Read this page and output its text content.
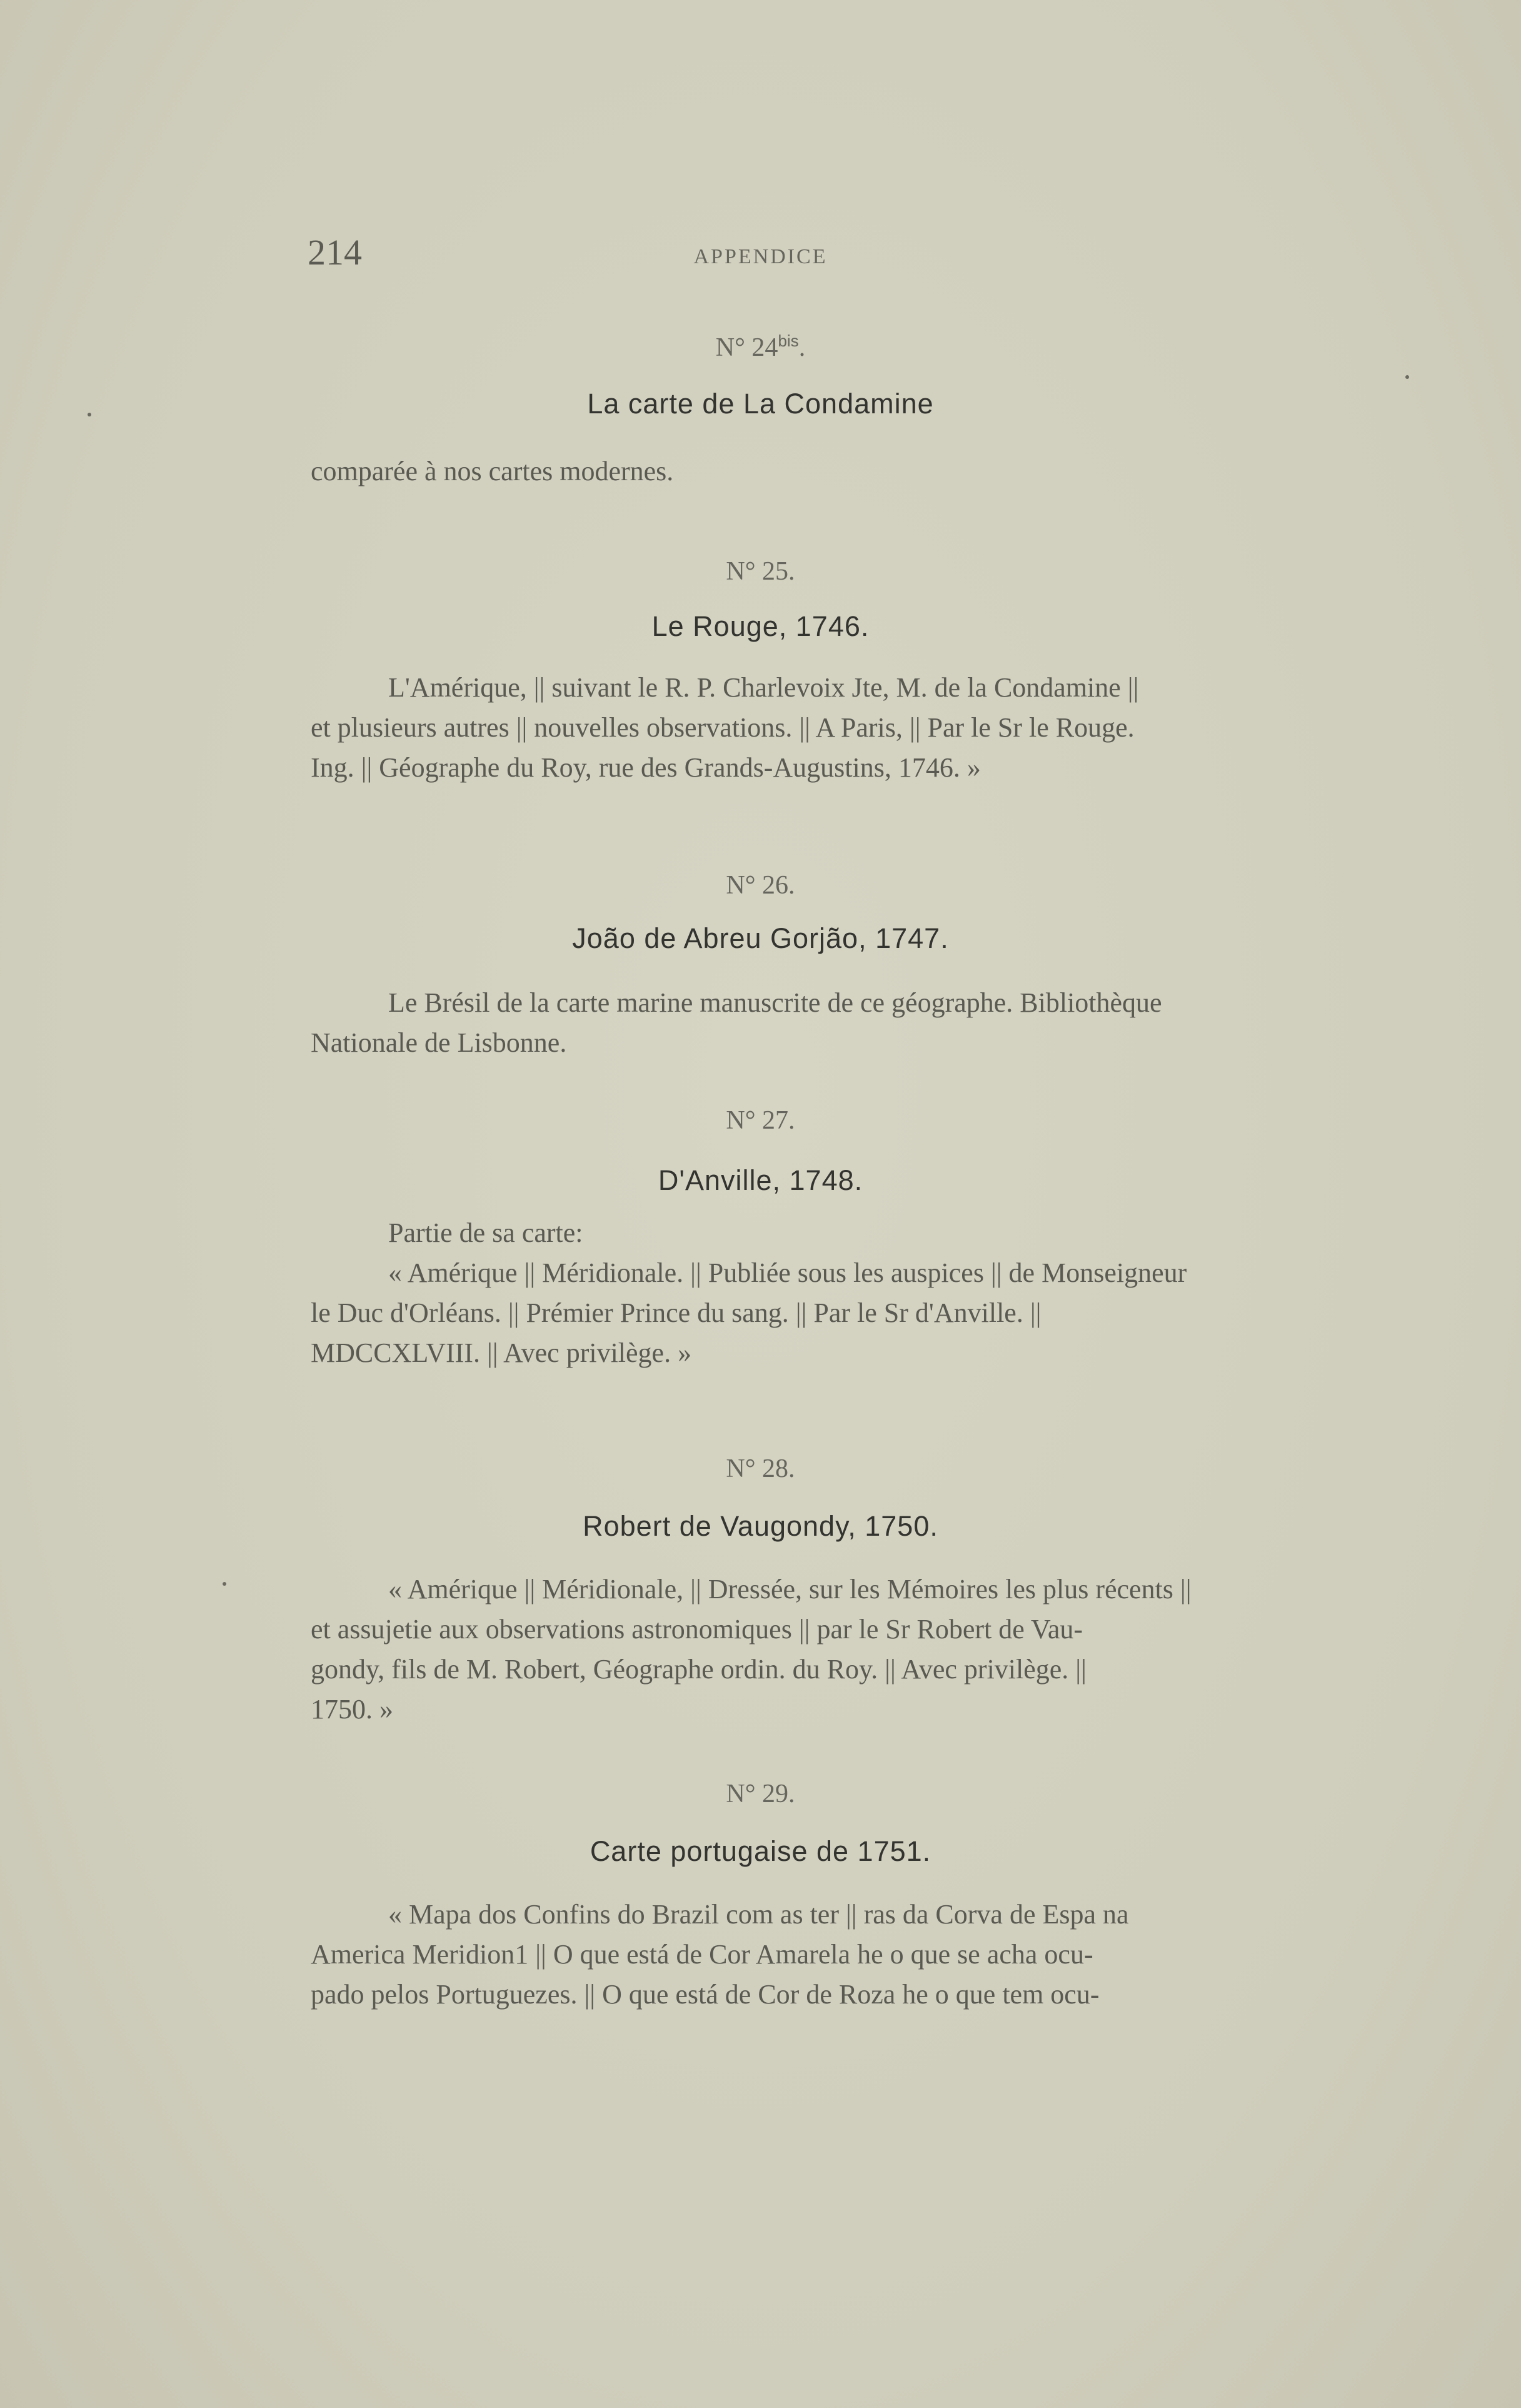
214	APPENDICE
N° $24^{bis}$.
La carte de La Condamine

comparée à nos cartes modernes.

N° 25.
Le Rouge, 1746.

L'Amérique, || suivant le R. P. Charlevoix Jte, M. de la Condamine ||

et plusieurs autres || nouvelles observations. || A Paris, || Par le Sr le Rouge.

Ing. || Géographe du Roy, rue des Grands-Augustins, 1746. »

N° 26.
João de Abreu Gorjão, 1747.

Le Brésil de la carte marine manuscrite de ce géographe. Bibliothèque

Nationale de Lisbonne.

N° 27.
D'Anville, 1748.

Partie de sa carte:

« Amérique || Méridionale. || Publiée sous les auspices || de Monseigneur

le Duc d'Orléans. || Prémier Prince du sang. || Par le Sr d'Anville. ||

MDCCXLVIII. || Avec privilège. »

N° 28.
Robert de Vaugondy, 1750.

« Amérique || Méridionale, || Dressée, sur les Mémoires les plus récents ||

et assujetie aux observations astronomiques || par le Sr Robert de Vau-

gondy, fils de M. Robert, Géographe ordin. du Roy. || Avec privilège. ||

1750. »

N° 29.
Carte portugaise de 1751.

« Mapa dos Confins do Brazil com as ter || ras da Corva de Espa na

America Meridion1 || O que está de Cor Amarela he o que se acha ocu-

pado pelos Portuguezes. || O que está de Cor de Roza he o que tem ocu-
